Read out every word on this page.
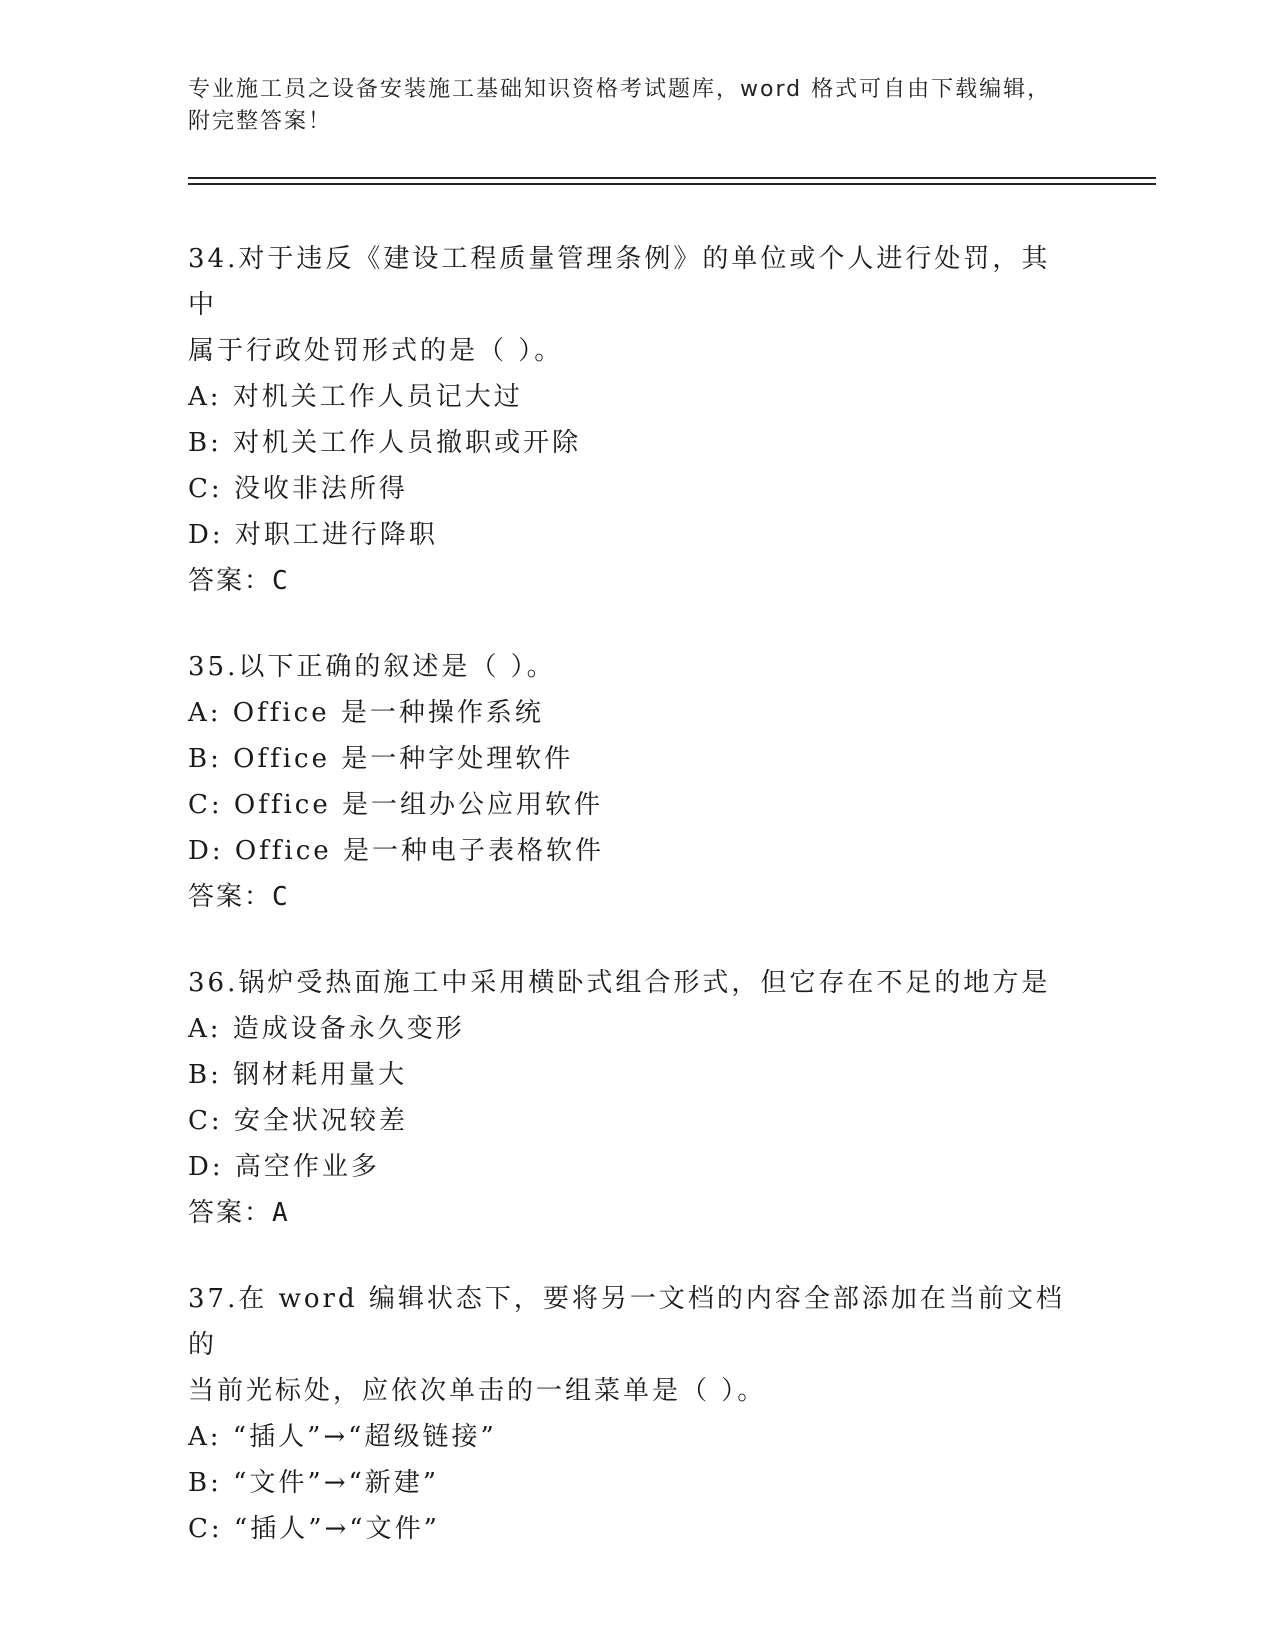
专业施工员之设备安装施工基础知识资格考试题库，word 格式可自由下载编辑，
附完整答案！

34.对于违反《建设工程质量管理条例》的单位或个人进行处罚，其中

属于行政处罚形式的是（ ）。

A: 对机关工作人员记大过

B: 对机关工作人员撤职或开除

C: 没收非法所得

D: 对职工进行降职

答案：C

35.以下正确的叙述是（ ）。

A: Office 是一种操作系统

B: Office 是一种字处理软件

C: Office 是一组办公应用软件

D: Office 是一种电子表格软件

答案：C

36.锅炉受热面施工中采用横卧式组合形式，但它存在不足的地方是

A: 造成设备永久变形

B: 钢材耗用量大

C: 安全状况较差

D: 高空作业多

答案：A

37.在 word 编辑状态下，要将另一文档的内容全部添加在当前文档的

当前光标处，应依次单击的一组菜单是（ ）。

A: “插人”→“超级链接”

B: “文件”→“新建”

C: “插人”→“文件”
